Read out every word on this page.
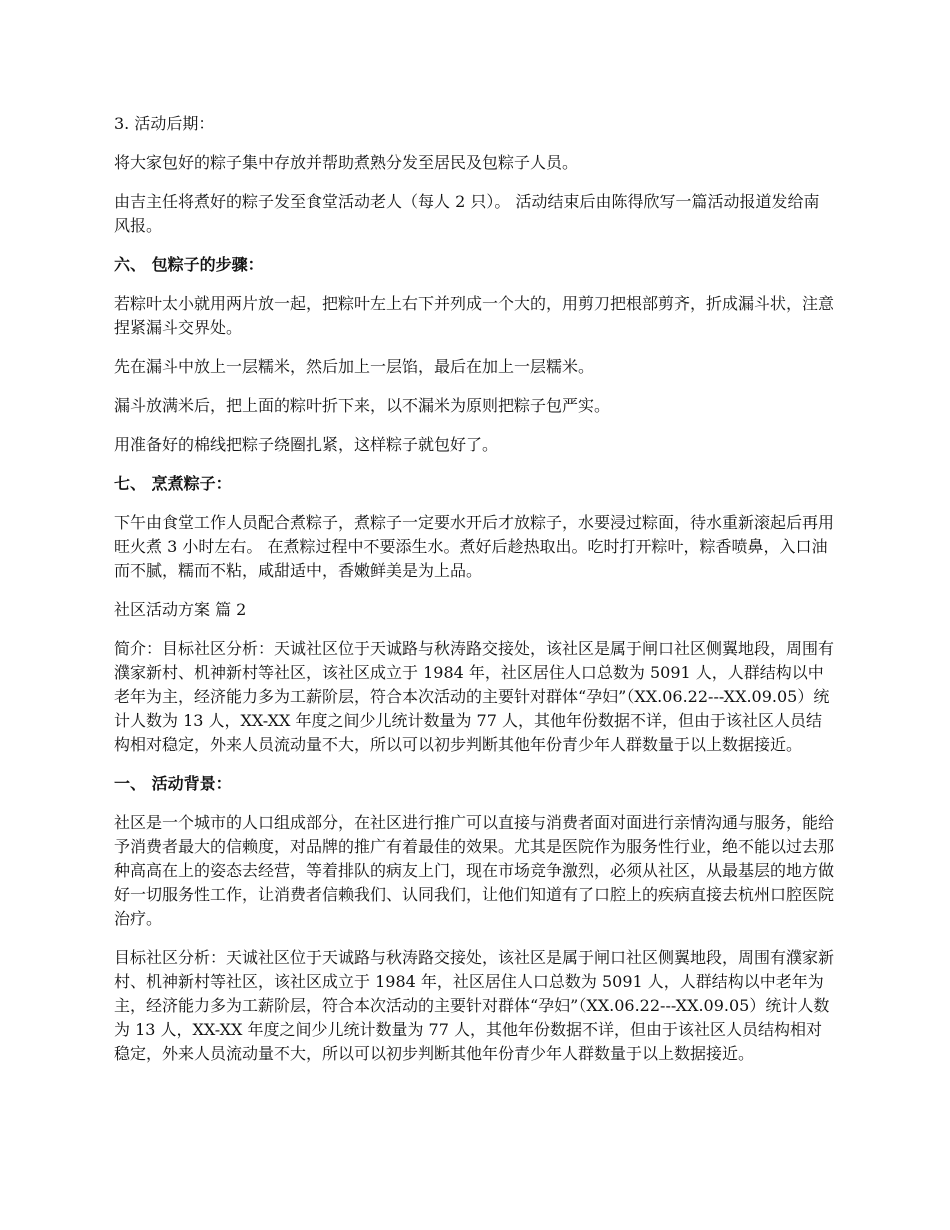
3. 活动后期：

将大家包好的粽子集中存放并帮助煮熟分发至居民及包粽子人员。

由吉主任将煮好的粽子发至食堂活动老人（每人 2 只）。 活动结束后由陈得欣写一篇活动报道发给南风报。

六、 包粽子的步骤：

若粽叶太小就用两片放一起，把粽叶左上右下并列成一个大的，用剪刀把根部剪齐，折成漏斗状，注意捏紧漏斗交界处。

先在漏斗中放上一层糯米，然后加上一层馅，最后在加上一层糯米。

漏斗放满米后，把上面的粽叶折下来，以不漏米为原则把粽子包严实。

用准备好的棉线把粽子绕圈扎紧，这样粽子就包好了。

七、 烹煮粽子：

下午由食堂工作人员配合煮粽子，煮粽子一定要水开后才放粽子，水要浸过粽面，待水重新滚起后再用旺火煮 3 小时左右。 在煮粽过程中不要添生水。煮好后趁热取出。吃时打开粽叶，粽香喷鼻，入口油而不腻，糯而不粘，咸甜适中，香嫩鲜美是为上品。

社区活动方案 篇 2

简介：目标社区分析：天诚社区位于天诚路与秋涛路交接处，该社区是属于闸口社区侧翼地段，周围有濮家新村、机神新村等社区，该社区成立于 1984 年，社区居住人口总数为 5091 人，人群结构以中老年为主，经济能力多为工薪阶层，符合本次活动的主要针对群体“孕妇”（XX.06.22---XX.09.05）统计人数为 13 人，XX-XX 年度之间少儿统计数量为 77 人，其他年份数据不详，但由于该社区人员结构相对稳定，外来人员流动量不大，所以可以初步判断其他年份青少年人群数量于以上数据接近。

一、 活动背景：

社区是一个城市的人口组成部分，在社区进行推广可以直接与消费者面对面进行亲情沟通与服务，能给予消费者最大的信赖度，对品牌的推广有着最佳的效果。尤其是医院作为服务性行业，绝不能以过去那种高高在上的姿态去经营，等着排队的病友上门，现在市场竞争激烈，必须从社区，从最基层的地方做好一切服务性工作，让消费者信赖我们、认同我们，让他们知道有了口腔上的疾病直接去杭州口腔医院治疗。

目标社区分析：天诚社区位于天诚路与秋涛路交接处，该社区是属于闸口社区侧翼地段，周围有濮家新村、机神新村等社区，该社区成立于 1984 年，社区居住人口总数为 5091 人，人群结构以中老年为主，经济能力多为工薪阶层，符合本次活动的主要针对群体“孕妇”（XX.06.22---XX.09.05）统计人数为 13 人，XX-XX 年度之间少儿统计数量为 77 人，其他年份数据不详，但由于该社区人员结构相对稳定，外来人员流动量不大，所以可以初步判断其他年份青少年人群数量于以上数据接近。
